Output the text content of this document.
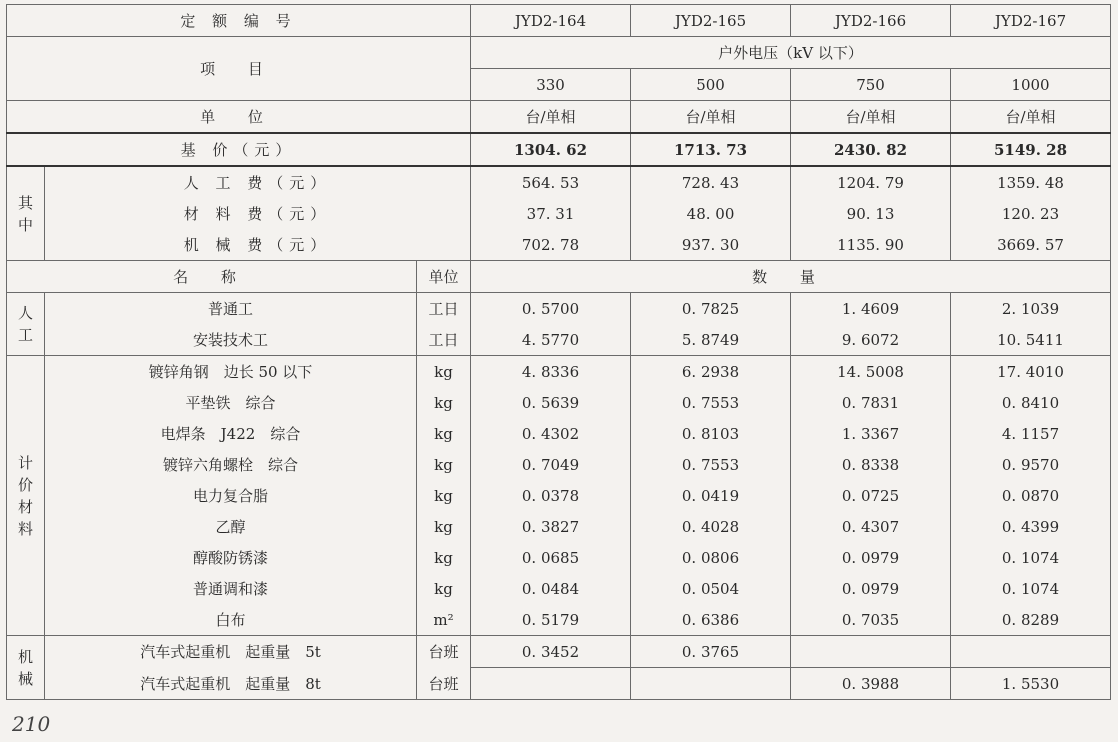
定 额 编 号			JYD2-164	JYD2-165	JYD2-166	JYD2-167
项 目			户外电压（kV 以下）			
			330	500	750	1000
单 位			台/单相	台/单相	台/单相	台/单相
基 价（元）			1304. 62	1713. 73	2430. 82	5149. 28
其中	人 工 费（元）		564. 53	728. 43	1204. 79	1359. 48
	材 料 费（元）		37. 31	48. 00	90. 13	120. 23
	机 械 费（元）		702. 78	937. 30	1135. 90	3669. 57
名 称		单位	数 量			
人工	普通工	工日	0. 5700	0. 7825	1. 4609	2. 1039
	安装技术工	工日	4. 5770	5. 8749	9. 6072	10. 5411
计价材料	镀锌角钢　边长 50 以下	kg	4. 8336	6. 2938	14. 5008	17. 4010
	平垫铁　综合	kg	0. 5639	0. 7553	0. 7831	0. 8410
	电焊条　J422　综合	kg	0. 4302	0. 8103	1. 3367	4. 1157
	镀锌六角螺栓　综合	kg	0. 7049	0. 7553	0. 8338	0. 9570
	电力复合脂	kg	0. 0378	0. 0419	0. 0725	0. 0870
	乙醇	kg	0. 3827	0. 4028	0. 4307	0. 4399
	醇酸防锈漆	kg	0. 0685	0. 0806	0. 0979	0. 1074
	普通调和漆	kg	0. 0484	0. 0504	0. 0979	0. 1074
	白布	m²	0. 5179	0. 6386	0. 7035	0. 8289
机械	汽车式起重机　起重量　5t	台班	0. 3452	0. 3765		
	汽车式起重机　起重量　8t	台班			0. 3988	1. 5530
210
